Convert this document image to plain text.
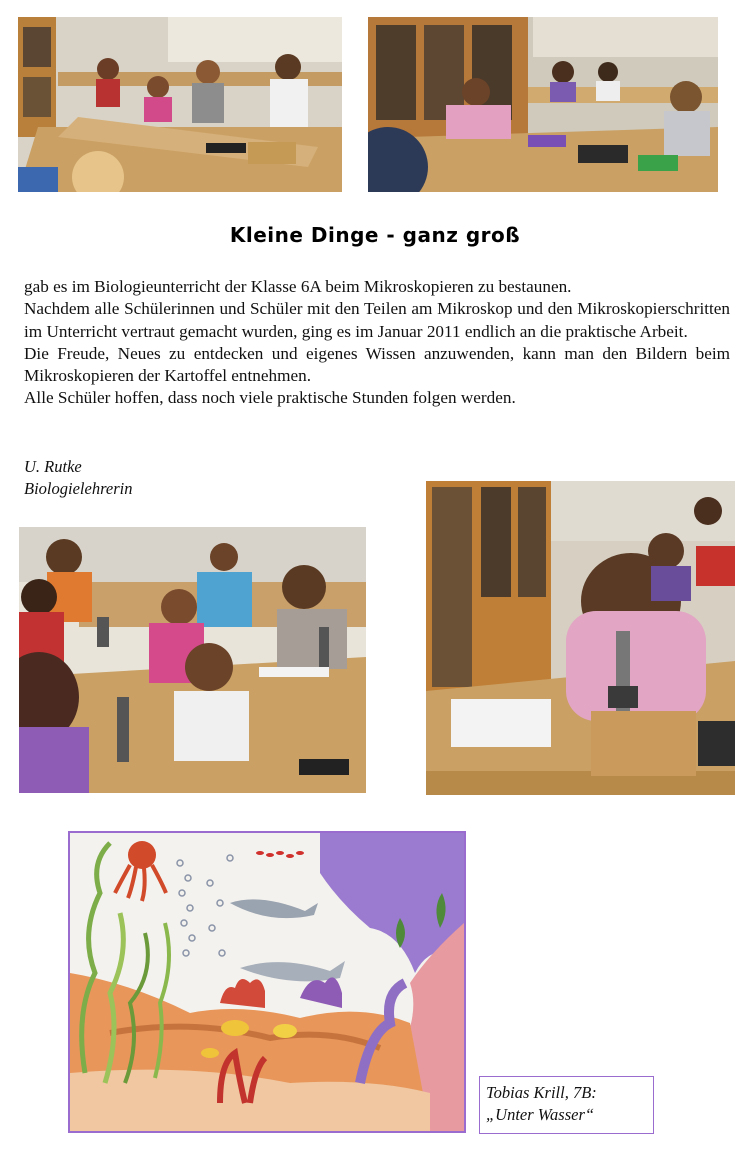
Kleine Dinge - ganz groß

gab es im Biologieunterricht der Klasse 6A beim Mikroskopieren zu bestaunen.

Nachdem alle Schülerinnen und Schüler mit den Teilen am Mikroskop und den Mikroskopierschritten im Unterricht vertraut gemacht wurden, ging es im Januar 2011 endlich an die praktische Arbeit.

Die Freude, Neues zu entdecken und eigenes Wissen anzuwenden, kann man den Bildern beim Mikroskopieren der Kartoffel entnehmen.

Alle Schüler hoffen, dass noch viele praktische Stunden folgen werden.

U. Rutke
Biologielehrerin
Tobias Krill, 7B:
„Unter Wasser“
